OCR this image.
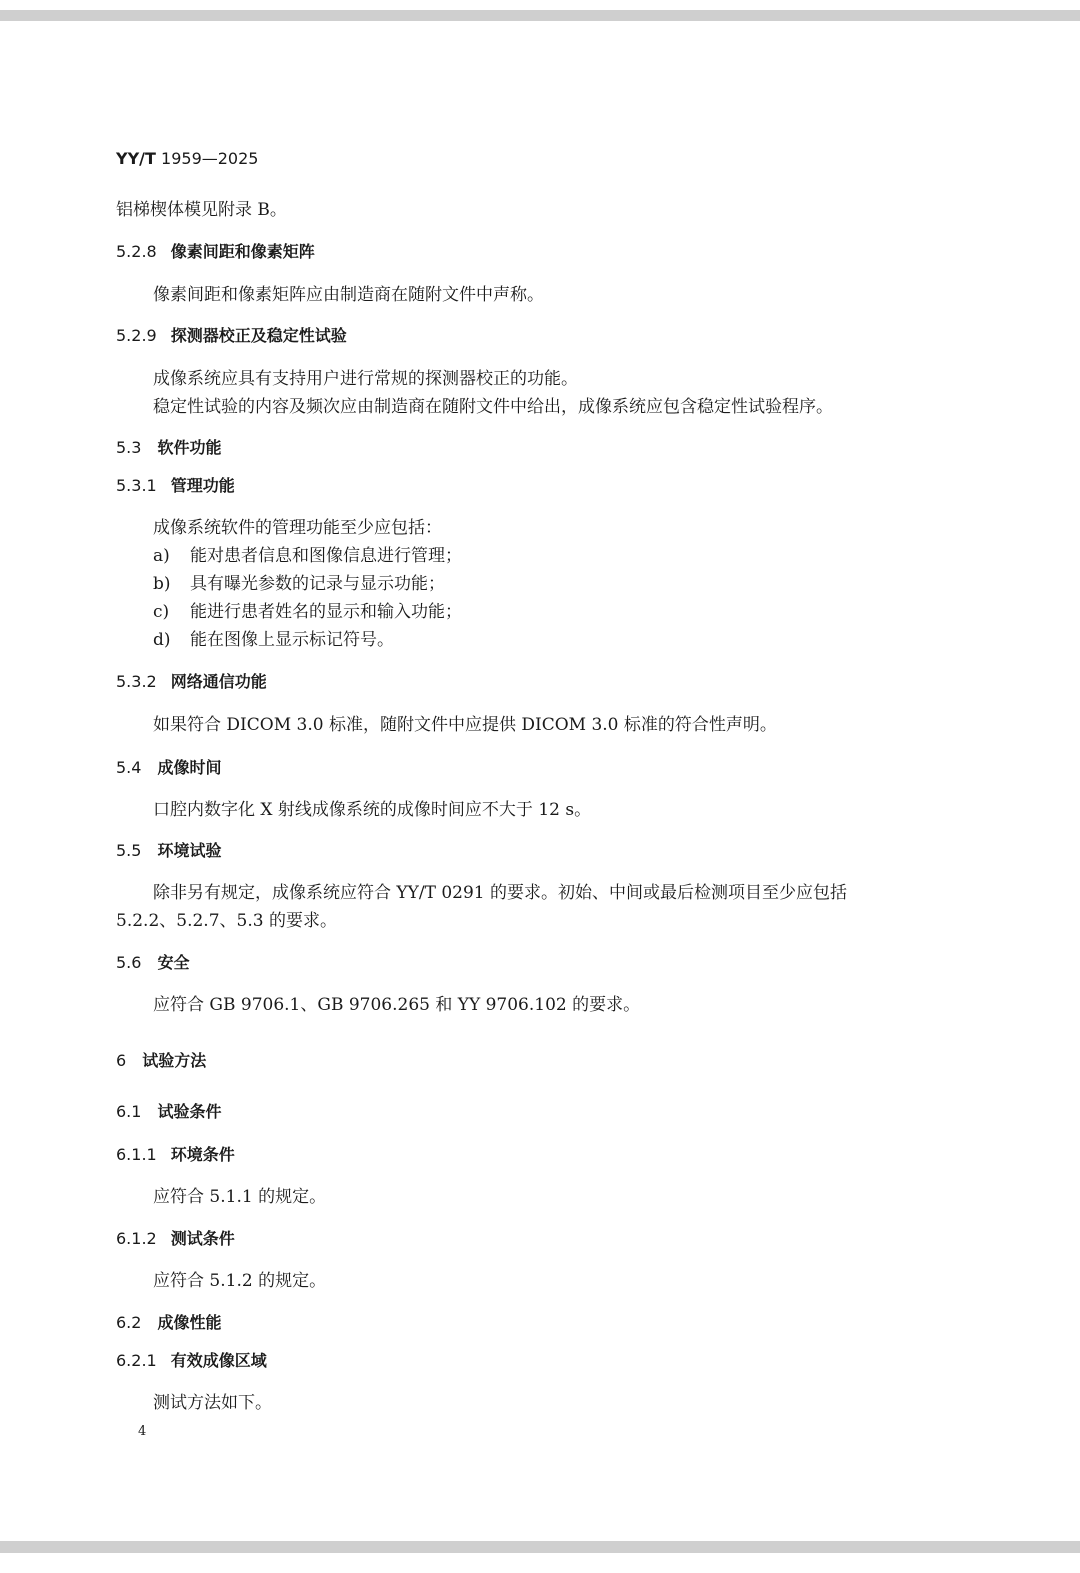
YY/T 1959—2025
铝梯楔体模见附录 B。
5.2.8 像素间距和像素矩阵
像素间距和像素矩阵应由制造商在随附文件中声称。
5.2.9 探测器校正及稳定性试验
成像系统应具有支持用户进行常规的探测器校正的功能。
稳定性试验的内容及频次应由制造商在随附文件中给出，成像系统应包含稳定性试验程序。
5.3 软件功能
5.3.1 管理功能
成像系统软件的管理功能至少应包括：
a) 能对患者信息和图像信息进行管理；
b) 具有曝光参数的记录与显示功能；
c) 能进行患者姓名的显示和输入功能；
d) 能在图像上显示标记符号。
5.3.2 网络通信功能
如果符合 DICOM 3.0 标准，随附文件中应提供 DICOM 3.0 标准的符合性声明。
5.4 成像时间
口腔内数字化 X 射线成像系统的成像时间应不大于 12 s。
5.5 环境试验
除非另有规定，成像系统应符合 YY/T 0291 的要求。初始、中间或最后检测项目至少应包括
5.2.2、5.2.7、5.3 的要求。
5.6 安全
应符合 GB 9706.1、GB 9706.265 和 YY 9706.102 的要求。
6 试验方法
6.1 试验条件
6.1.1 环境条件
应符合 5.1.1 的规定。
6.1.2 测试条件
应符合 5.1.2 的规定。
6.2 成像性能
6.2.1 有效成像区域
测试方法如下。
4
